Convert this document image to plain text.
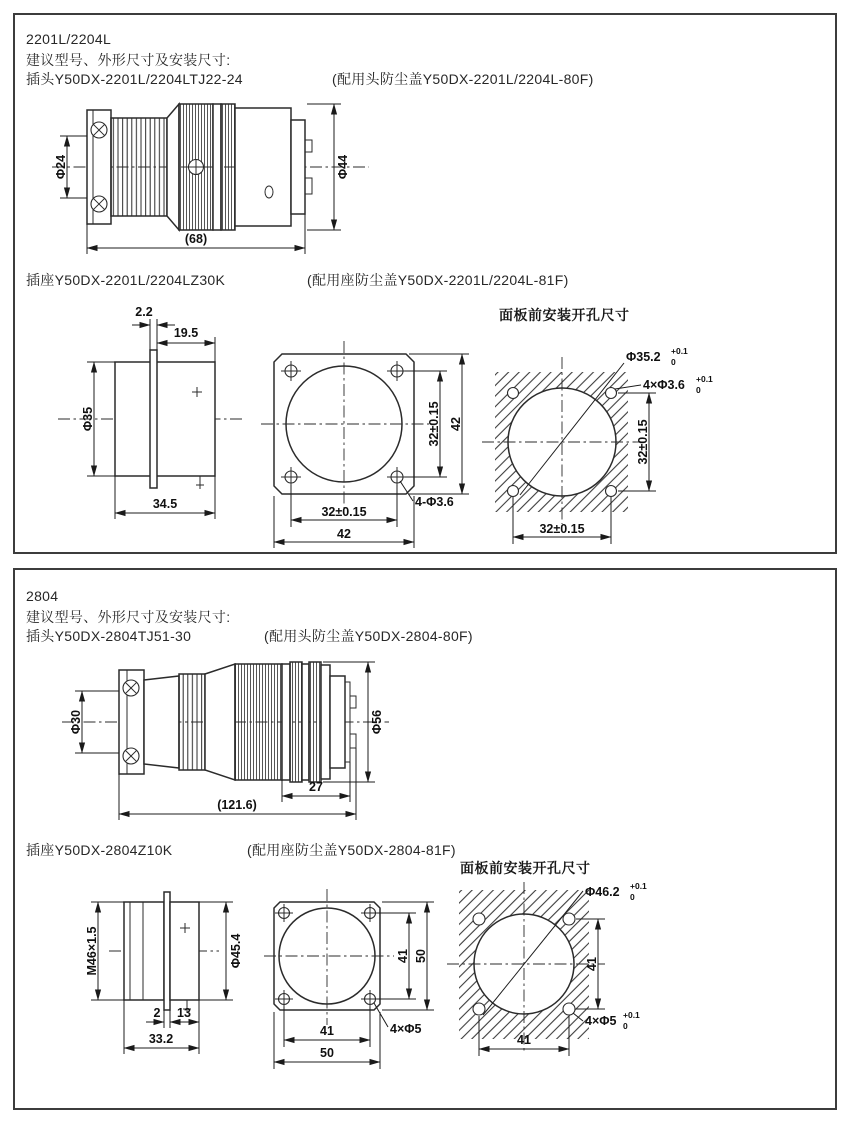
2201L/2204L
建议型号、外形尺寸及安装尺寸:
插头Y50DX-2201L/2204LTJ22-24	(配用头防尘盖Y50DX-2201L/2204L-80F)
插座Y50DX-2201L/2204LZ30K	(配用座防尘盖Y50DX-2201L/2204L-81F)
面板前安装开孔尺寸
Φ24	Φ44
(68)
2.2
19.5
Φ35
34.5
32±0.15 42
32±0.15
42
4-Φ3.6
Φ35.2 +0.1
0
4×Φ3.6 +0.1
0
32±0.15
32±0.15
2804
建议型号、外形尺寸及安装尺寸:
插头Y50DX-2804TJ51-30	(配用头防尘盖Y50DX-2804-80F)
插座Y50DX-2804Z10K	(配用座防尘盖Y50DX-2804-81F)
面板前安装开孔尺寸
Φ30	Φ56
27
(121.6)
M46×1.5	Φ45.4
2 13
33.2
41 50
41
50
4×Φ5
Φ46.2 +0.1
0
41
4×Φ5 +0.1
0
41
